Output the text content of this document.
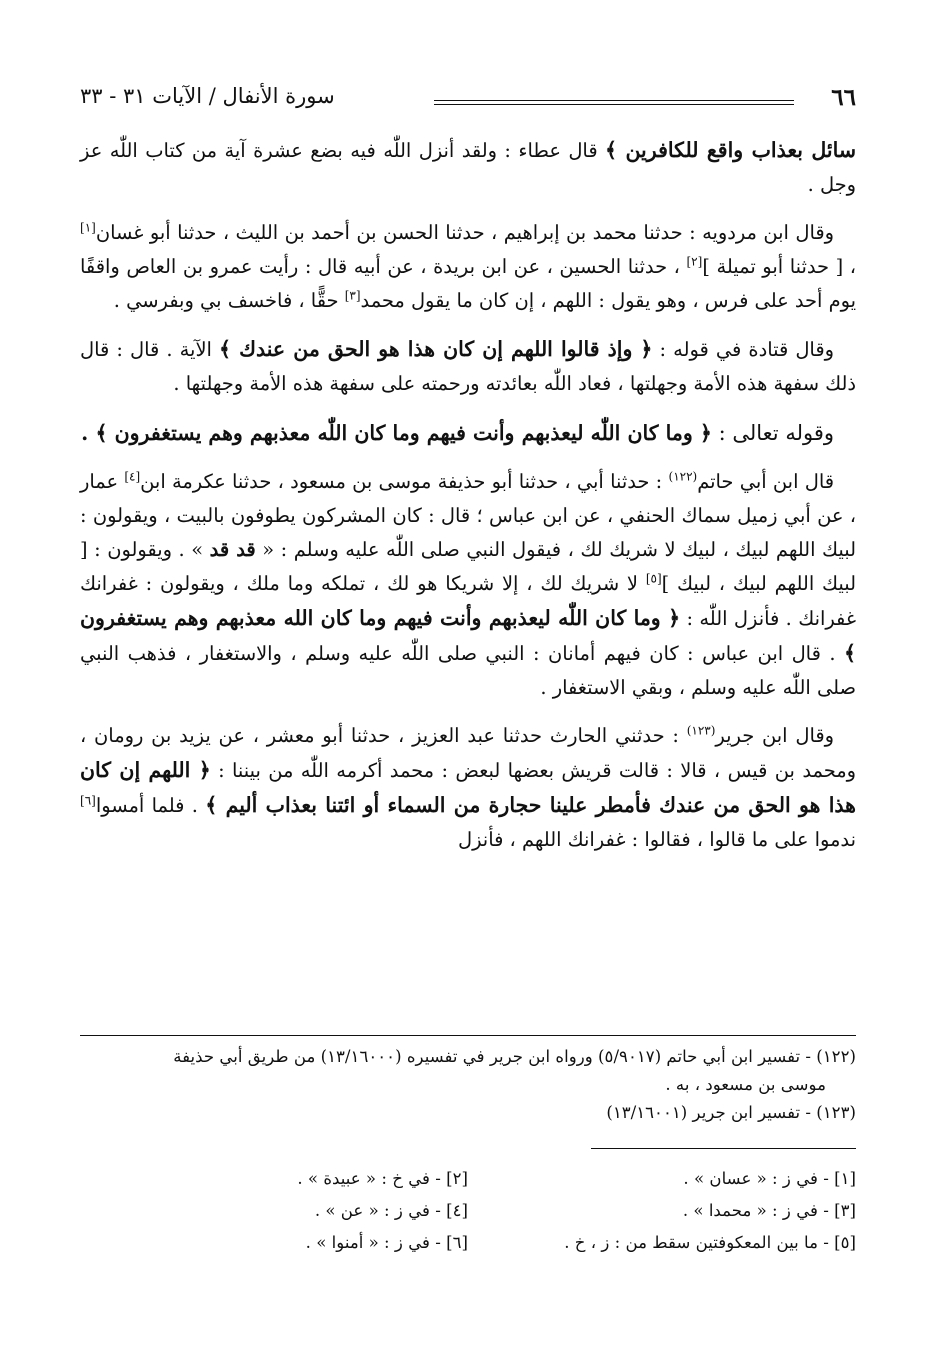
٦٦
سورة الأنفال / الآيات ٣١ - ٣٣

سائل بعذاب واقع للكافرين ﴾ قال عطاء : ولقد أنزل اللّٰه فيه بضع عشرة آية من كتاب اللّٰه عز وجل .

وقال ابن مردويه : حدثنا محمد بن إبراهيم ، حدثنا الحسن بن أحمد بن الليث ، حدثنا أبو غسان[١] ، [ حدثنا أبو تميلة ][٢] ، حدثنا الحسين ، عن ابن بريدة ، عن أبيه قال : رأيت عمرو بن العاص واقفًا يوم أحد على فرس ، وهو يقول : اللهم ، إن كان ما يقول محمد[٣] حقًّا ، فاخسف بي وبفرسي .

وقال قتادة في قوله : ﴿ وإذ قالوا اللهم إن كان هذا هو الحق من عندك ﴾ الآية . قال : قال ذلك سفهة هذه الأمة وجهلتها ، فعاد اللّٰه بعائدته ورحمته على سفهة هذه الأمة وجهلتها .

وقوله تعالى : ﴿ وما كان اللّٰه ليعذبهم وأنت فيهم وما كان اللّٰه معذبهم وهم يستغفرون ﴾ .

قال ابن أبي حاتم$^{(١٢٢)}$ : حدثنا أبي ، حدثنا أبو حذيفة موسى بن مسعود ، حدثنا عكرمة ابن[٤] عمار ، عن أبي زميل سماك الحنفي ، عن ابن عباس ؛ قال : كان المشركون يطوفون بالبيت ، ويقولون : لبيك اللهم لبيك ، لبيك لا شريك لك ، فيقول النبي صلى اللّٰه عليه وسلم : « قد قد » . ويقولون : [ لبيك اللهم لبيك ، لبيك ][٥] لا شريك لك ، إلا شريكا هو لك ، تملكه وما ملك ، ويقولون : غفرانك غفرانك . فأنزل اللّٰه : ﴿ وما كان اللّٰه ليعذبهم وأنت فيهم وما كان الله معذبهم وهم يستغفرون ﴾ . قال ابن عباس : كان فيهم أمانان : النبي صلى اللّٰه عليه وسلم ، والاستغفار ، فذهب النبي صلى اللّٰه عليه وسلم ، وبقي الاستغفار .

وقال ابن جرير$^{(١٢٣)}$ : حدثني الحارث حدثنا عبد العزيز ، حدثنا أبو معشر ، عن يزيد بن رومان ، ومحمد بن قيس ، قالا : قالت قريش بعضها لبعض : محمد أكرمه اللّٰه من بيننا : ﴿ اللهم إن كان هذا هو الحق من عندك فأمطر علينا حجارة من السماء أو ائتنا بعذاب أليم ﴾ . فلما أمسوا[٦] ندموا على ما قالوا ، فقالوا : غفرانك اللهم ، فأنزل

(١٢٢) - تفسير ابن أبي حاتم (٥/٩٠١٧) ورواه ابن جرير في تفسيره (١٣/١٦٠٠٠) من طريق أبي حذيفة

موسى بن مسعود ، به .

(١٢٣) - تفسير ابن جرير (١٣/١٦٠٠١)

[١] - في ز : « عسان » .
[٢] - في خ : « عبيدة » .
[٣] - في ز : « محمدا » .
[٤] - في ز : « عن » .
[٥] - ما بين المعكوفتين سقط من : ز ، خ .
[٦] - في ز : « أمنوا » .
